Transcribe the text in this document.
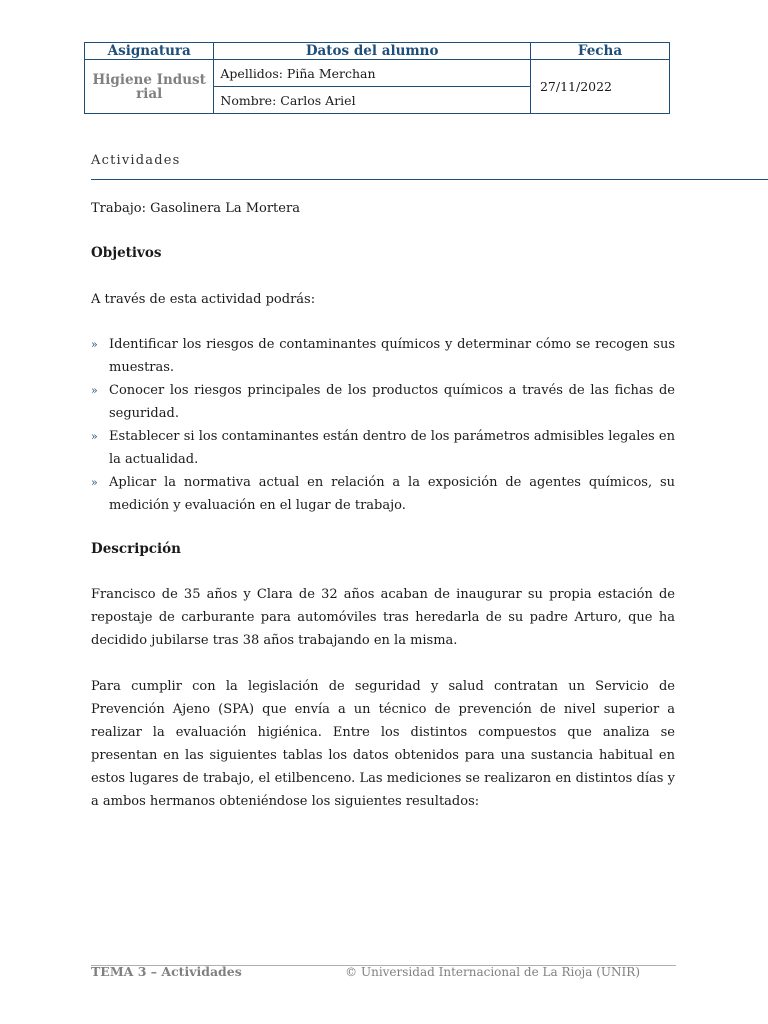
Asignatura	Datos del alumno	Fecha
Higiene Industrial	Apellidos: Piña Merchan	27/11/2022
	Nombre: Carlos Ariel	
Actividades
Trabajo: Gasolinera La Mortera
Objetivos
A través de esta actividad podrás:
» Identificar los riesgos de contaminantes químicos y determinar cómo se recogen sus muestras.
» Conocer los riesgos principales de los productos químicos a través de las fichas de seguridad.
» Establecer si los contaminantes están dentro de los parámetros admisibles legales en la actualidad.
» Aplicar la normativa actual en relación a la exposición de agentes químicos, su medición y evaluación en el lugar de trabajo.
Descripción
Francisco de 35 años y Clara de 32 años acaban de inaugurar su propia estación de repostaje de carburante para automóviles tras heredarla de su padre Arturo, que ha decidido jubilarse tras 38 años trabajando en la misma.
Para cumplir con la legislación de seguridad y salud contratan un Servicio de Prevención Ajeno (SPA) que envía a un técnico de prevención de nivel superior a realizar la evaluación higiénica. Entre los distintos compuestos que analiza se presentan en las siguientes tablas los datos obtenidos para una sustancia habitual en estos lugares de trabajo, el etilbenceno. Las mediciones se realizaron en distintos días y a ambos hermanos obteniéndose los siguientes resultados:
TEMA 3 – Actividades	© Universidad Internacional de La Rioja (UNIR)
